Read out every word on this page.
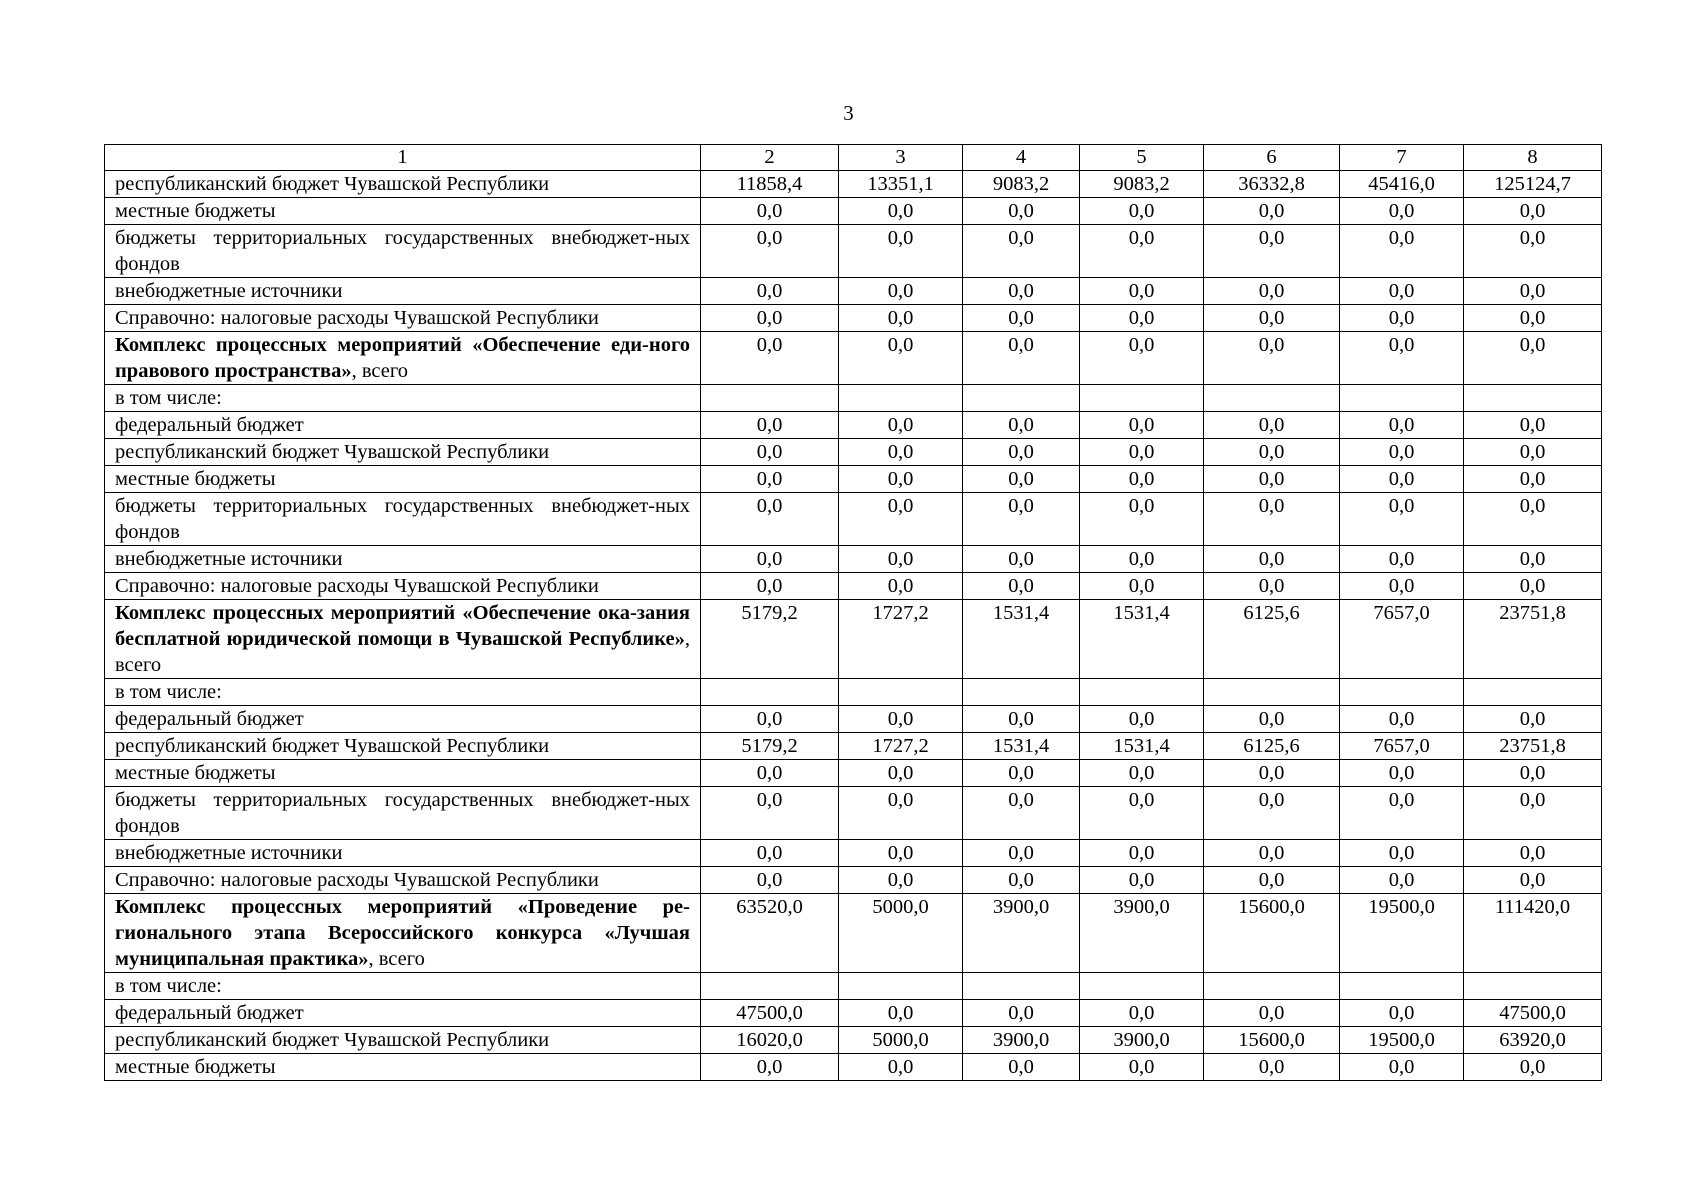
3
1	2	3	4	5	6	7	8
республиканский бюджет Чувашской Республики	11858,4	13351,1	9083,2	9083,2	36332,8	45416,0	125124,7
местные бюджеты	0,0	0,0	0,0	0,0	0,0	0,0	0,0
бюджеты территориальных государственных внебюджет-ных фондов	0,0	0,0	0,0	0,0	0,0	0,0	0,0
внебюджетные источники	0,0	0,0	0,0	0,0	0,0	0,0	0,0
Справочно: налоговые расходы Чувашской Республики	0,0	0,0	0,0	0,0	0,0	0,0	0,0
Комплекс процессных мероприятий «Обеспечение еди-ного правового пространства», всего	0,0	0,0	0,0	0,0	0,0	0,0	0,0
в том числе:							
федеральный бюджет	0,0	0,0	0,0	0,0	0,0	0,0	0,0
республиканский бюджет Чувашской Республики	0,0	0,0	0,0	0,0	0,0	0,0	0,0
местные бюджеты	0,0	0,0	0,0	0,0	0,0	0,0	0,0
бюджеты территориальных государственных внебюджет-ных фондов	0,0	0,0	0,0	0,0	0,0	0,0	0,0
внебюджетные источники	0,0	0,0	0,0	0,0	0,0	0,0	0,0
Справочно: налоговые расходы Чувашской Республики	0,0	0,0	0,0	0,0	0,0	0,0	0,0
Комплекс процессных мероприятий «Обеспечение ока-зания бесплатной юридической помощи в Чувашской Республике», всего	5179,2	1727,2	1531,4	1531,4	6125,6	7657,0	23751,8
в том числе:							
федеральный бюджет	0,0	0,0	0,0	0,0	0,0	0,0	0,0
республиканский бюджет Чувашской Республики	5179,2	1727,2	1531,4	1531,4	6125,6	7657,0	23751,8
местные бюджеты	0,0	0,0	0,0	0,0	0,0	0,0	0,0
бюджеты территориальных государственных внебюджет-ных фондов	0,0	0,0	0,0	0,0	0,0	0,0	0,0
внебюджетные источники	0,0	0,0	0,0	0,0	0,0	0,0	0,0
Справочно: налоговые расходы Чувашской Республики	0,0	0,0	0,0	0,0	0,0	0,0	0,0
Комплекс процессных мероприятий «Проведение ре-гионального этапа Всероссийского конкурса «Лучшая муниципальная практика», всего	63520,0	5000,0	3900,0	3900,0	15600,0	19500,0	111420,0
в том числе:							
федеральный бюджет	47500,0	0,0	0,0	0,0	0,0	0,0	47500,0
республиканский бюджет Чувашской Республики	16020,0	5000,0	3900,0	3900,0	15600,0	19500,0	63920,0
местные бюджеты	0,0	0,0	0,0	0,0	0,0	0,0	0,0
